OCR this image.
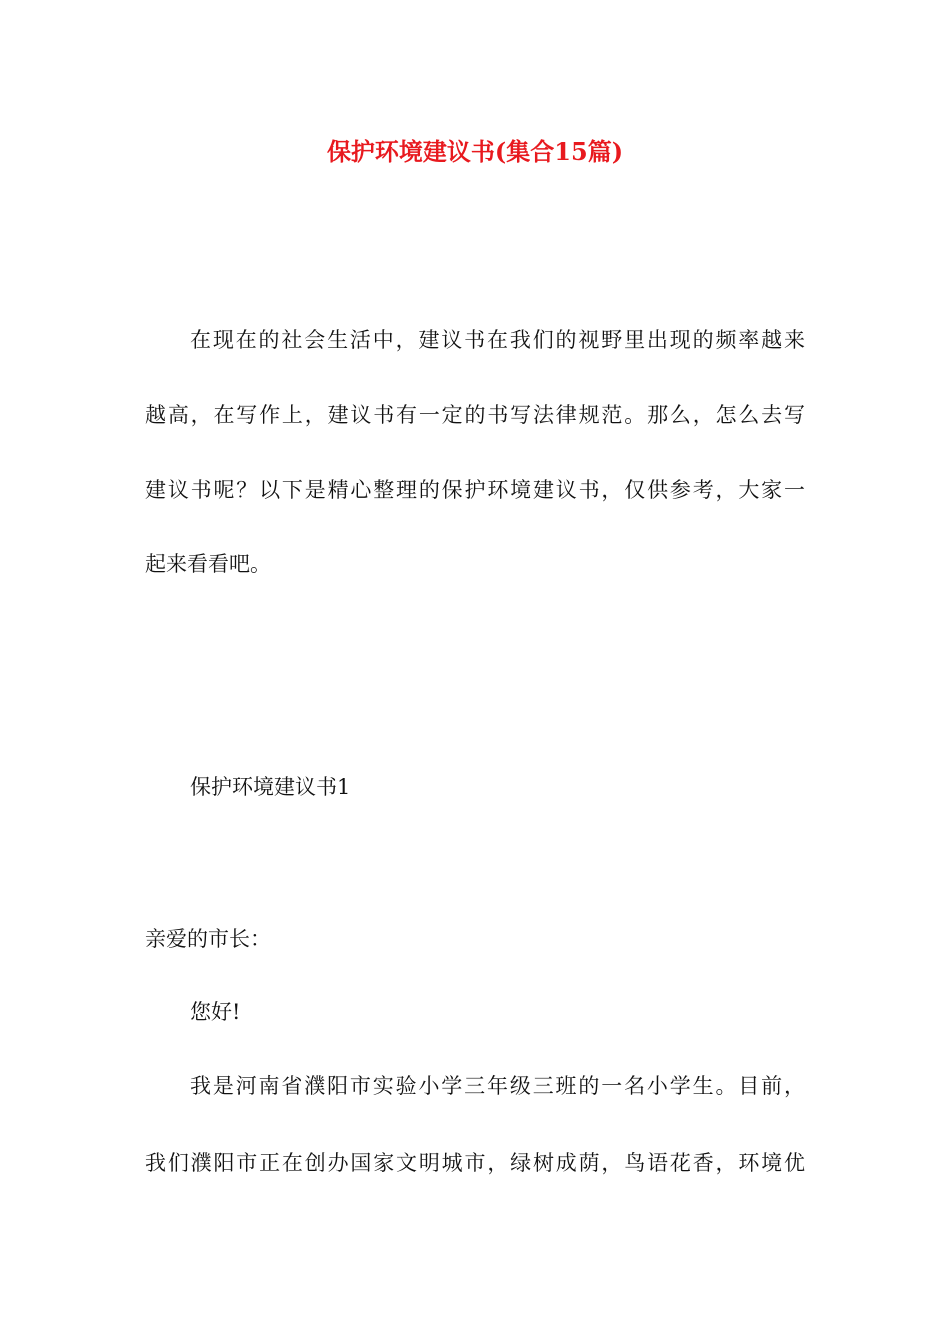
保护环境建议书(集合15篇)

在现在的社会生活中，建议书在我们的视野里出现的频率越来

越高，在写作上，建议书有一定的书写法律规范。那么，怎么去写

建议书呢？以下是精心整理的保护环境建议书，仅供参考，大家一

起来看看吧。

保护环境建议书1

亲爱的市长：

您好!

我是河南省濮阳市实验小学三年级三班的一名小学生。目前，

我们濮阳市正在创办国家文明城市，绿树成荫，鸟语花香，环境优
